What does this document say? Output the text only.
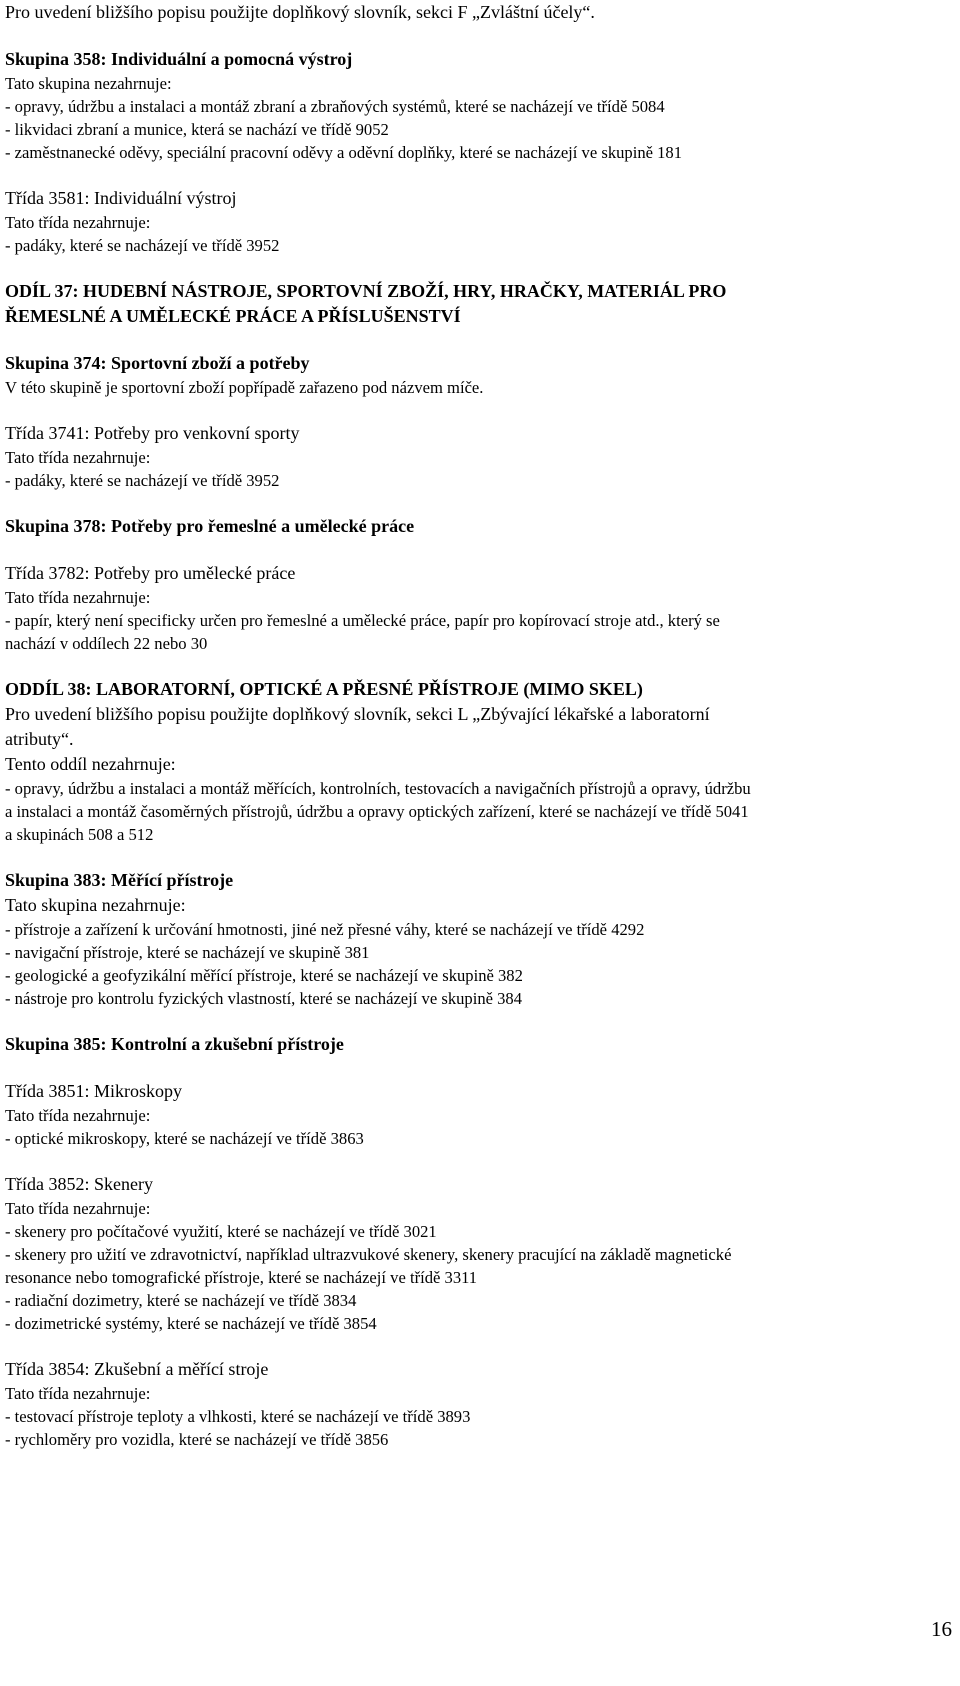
Pro uvedení bližšího popisu použijte doplňkový slovník, sekci F „Zvláštní účely“.
Skupina 358: Individuální a pomocná výstroj
Tato skupina nezahrnuje:
- opravy, údržbu a instalaci a montáž zbraní a zbraňových systémů, které se nacházejí ve třídě 5084
- likvidaci zbraní a munice, která se nachází ve třídě 9052
- zaměstnanecké oděvy, speciální pracovní oděvy a oděvní doplňky, které se nacházejí ve skupině 181
Třída 3581: Individuální výstroj
Tato třída nezahrnuje:
- padáky, které se nacházejí ve třídě 3952
ODÍL 37: HUDEBNÍ NÁSTROJE, SPORTOVNÍ ZBOŽÍ, HRY, HRAČKY, MATERIÁL PRO
ŘEMESLNÉ A UMĚLECKÉ PRÁCE A PŘÍSLUŠENSTVÍ
Skupina 374: Sportovní zboží a potřeby
V této skupině je sportovní zboží popřípadě zařazeno pod názvem míče.
Třída 3741: Potřeby pro venkovní sporty
Tato třída nezahrnuje:
- padáky, které se nacházejí ve třídě 3952
Skupina 378: Potřeby pro řemeslné a umělecké práce
Třída 3782: Potřeby pro umělecké práce
Tato třída nezahrnuje:
- papír, který není specificky určen pro řemeslné a umělecké práce, papír pro kopírovací stroje atd., který se
nachází v oddílech 22 nebo 30
ODDÍL 38: LABORATORNÍ, OPTICKÉ A PŘESNÉ PŘÍSTROJE (MIMO SKEL)
Pro uvedení bližšího popisu použijte doplňkový slovník, sekci L „Zbývající lékařské a laboratorní
atributy“.
Tento oddíl nezahrnuje:
- opravy, údržbu a instalaci a montáž měřících, kontrolních, testovacích a navigačních přístrojů a opravy, údržbu
a instalaci a montáž časoměrných přístrojů, údržbu a opravy optických zařízení, které se nacházejí ve třídě 5041
a skupinách 508 a 512
Skupina 383: Měřící přístroje
Tato skupina nezahrnuje:
- přístroje a zařízení k určování hmotnosti, jiné než přesné váhy, které se nacházejí ve třídě 4292
- navigační přístroje, které se nacházejí ve skupině 381
- geologické a geofyzikální měřící přístroje, které se nacházejí ve skupině 382
- nástroje pro kontrolu fyzických vlastností, které se nacházejí ve skupině 384
Skupina 385: Kontrolní a zkušební přístroje
Třída 3851: Mikroskopy
Tato třída nezahrnuje:
- optické mikroskopy, které se nacházejí ve třídě 3863
Třída 3852: Skenery
Tato třída nezahrnuje:
- skenery pro počítačové využití, které se nacházejí ve třídě 3021
- skenery pro užití ve zdravotnictví, například ultrazvukové skenery, skenery pracující na základě magnetické
resonance nebo tomografické přístroje, které se nacházejí ve třídě 3311
- radiační dozimetry, které se nacházejí ve třídě 3834
- dozimetrické systémy, které se nacházejí ve třídě 3854
Třída 3854: Zkušební a měřící stroje
Tato třída nezahrnuje:
- testovací přístroje teploty a vlhkosti, které se nacházejí ve třídě 3893
- rychloměry pro vozidla, které se nacházejí ve třídě 3856
16
